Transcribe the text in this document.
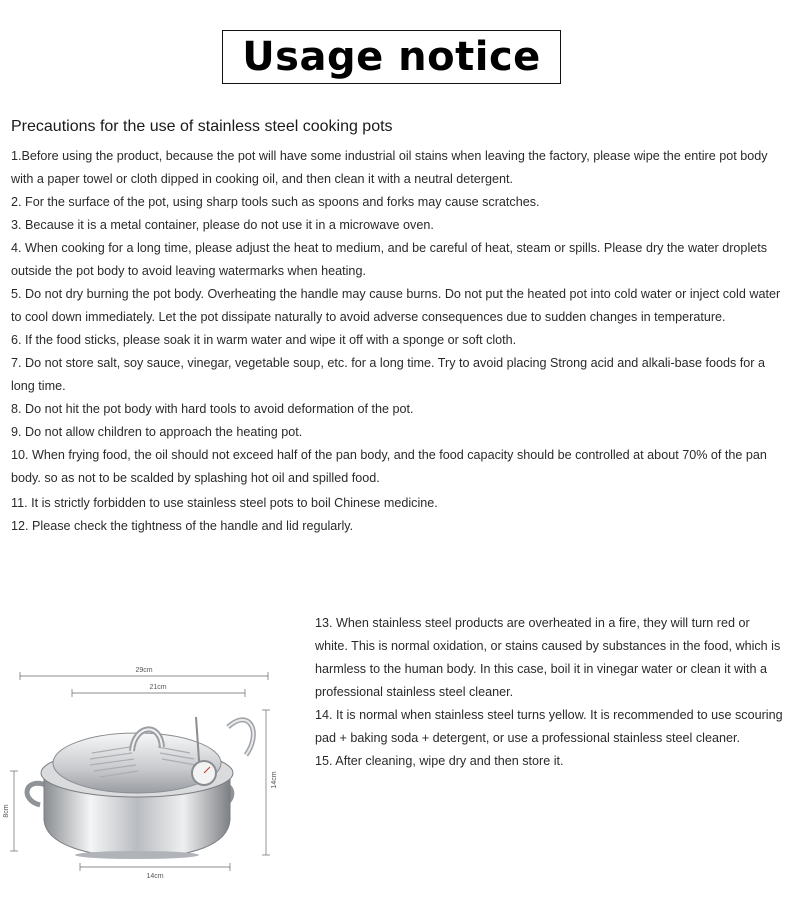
Usage notice
Precautions for the use of stainless steel cooking pots

1.Before using the product, because the pot will have some industrial oil stains when leaving the factory, please wipe the entire pot body with a paper towel or cloth dipped in cooking oil, and then clean it with a neutral detergent.

2. For the surface of the pot, using sharp tools such as spoons and forks may cause scratches.

3. Because it is a metal container, please do not use it in a microwave oven.

4. When cooking for a long time, please adjust the heat to medium, and be careful of heat, steam or spills. Please dry the water droplets outside the pot body to avoid leaving watermarks when heating.

5. Do not dry burning the pot body. Overheating the handle may cause burns. Do not put the heated pot into cold water or inject cold water to cool down immediately. Let the pot dissipate naturally to avoid adverse consequences due to sudden changes in temperature.

6. If the food sticks, please soak it in warm water and wipe it off with a sponge or soft cloth.

7. Do not store salt, soy sauce, vinegar, vegetable soup, etc. for a long time. Try to avoid placing Strong acid and alkali-base foods for a long time.

8. Do not hit the pot body with hard tools to avoid deformation of the pot.

9. Do not allow children to approach the heating pot.

10. When frying food, the oil should not exceed half of the pan body, and the food capacity should be controlled at about 70% of the pan body. so as not to be scalded by splashing hot oil and spilled food.

11. It is strictly forbidden to use stainless steel pots to boil Chinese medicine.

12. Please check the tightness of the handle and lid regularly.

13. When stainless steel products are overheated in a fire, they will turn red or white. This is normal oxidation, or stains caused by substances in the food, which is harmless to the human body. In this case, boil it in vinegar water or clean it with a professional stainless steel cleaner.

14. It is normal when stainless steel turns yellow. It is recommended to use scouring pad + baking soda + detergent, or use a professional stainless steel cleaner.

15. After cleaning, wipe dry and then store it.

29cm
21cm
14cm
8cm
14cm
